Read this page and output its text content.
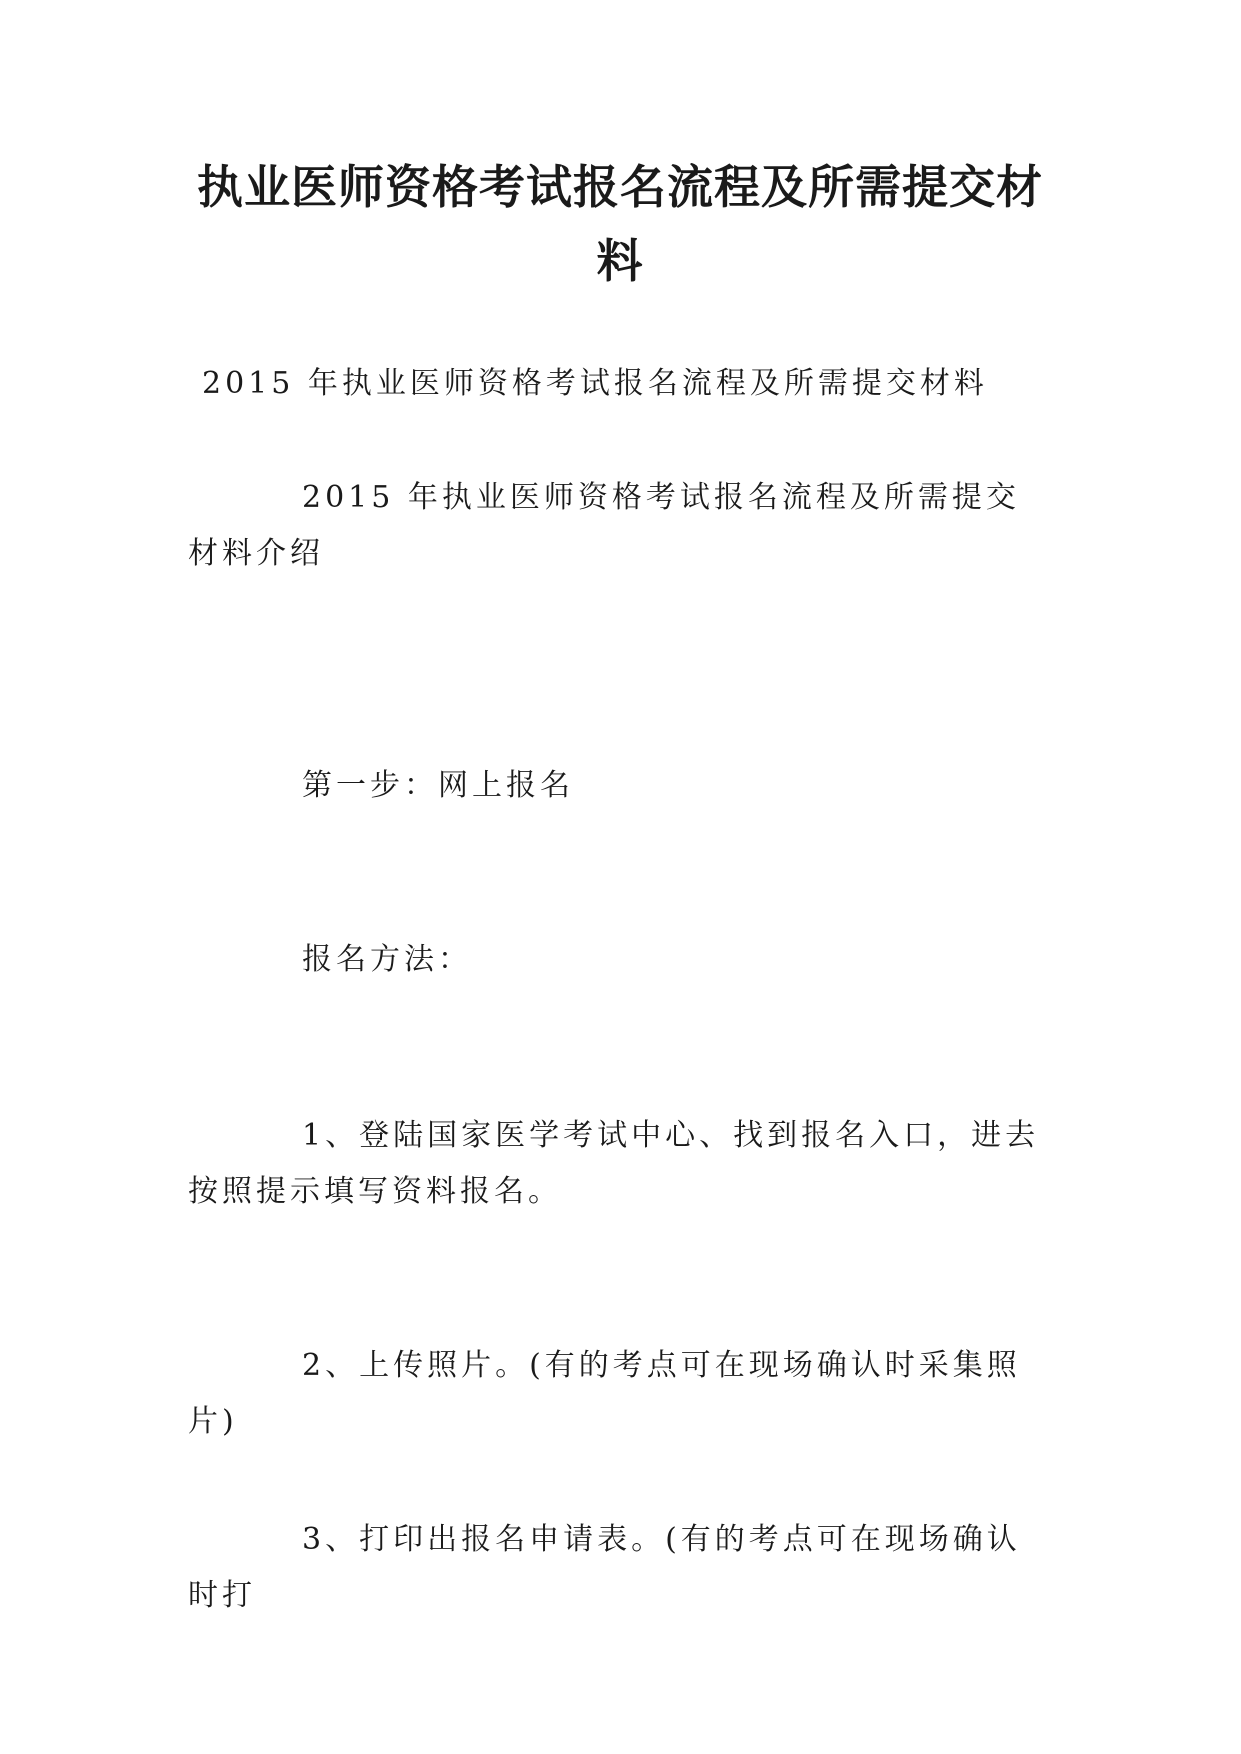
执业医师资格考试报名流程及所需提交材料

2015 年执业医师资格考试报名流程及所需提交材料

2015 年执业医师资格考试报名流程及所需提交材料介绍

第一步：网上报名

报名方法：

1、登陆国家医学考试中心、找到报名入口，进去按照提示填写资料报名。

2、上传照片。(有的考点可在现场确认时采集照片)

3、打印出报名申请表。(有的考点可在现场确认时打
